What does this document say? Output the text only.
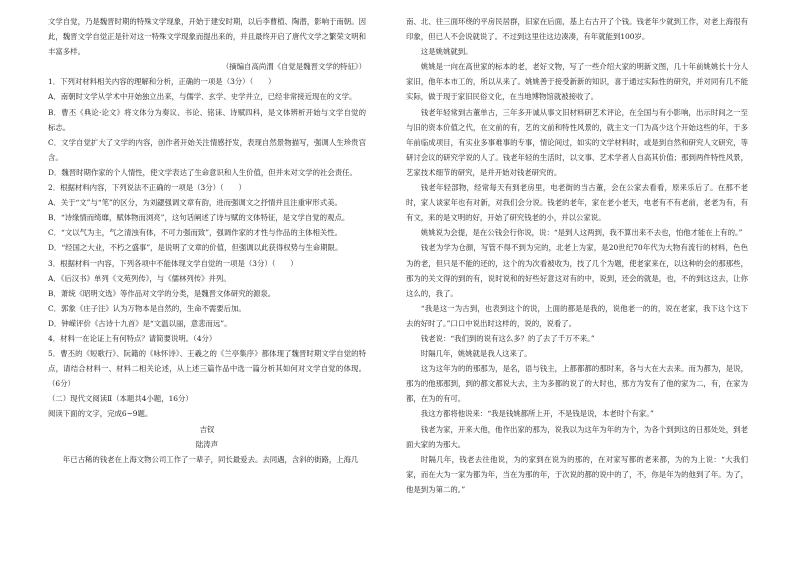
文学自觉，乃是魏晋时期的特殊文学现象，开始于建安时期，以后李曹植、陶潜，影响于南朝。因此，魏晋文学自觉正是针对这一特殊文学现象而提出来的，并且最终开启了唐代文学之繁荣文明和丰富多样。

（摘编自高尚渭《自觉是魏晋文学的特征》）

1．下列对材料相关内容的理解和分析，正确的一项是（3分）（　　）

A．南朝时文学从学术中开始独立出来，与儒学、玄学、史学并立，已经非常接近现在的文学。

B．曹丕《典论·论文》将文体分为奏议、书论、铭诔、诗赋四科，是文体辨析开始与文学自觉的标志。

C．文学自觉扩大了文学的内容，创作者开始关注情感抒发，表现自然景物描写，强调人生珍贵宫含。

D．魏晋时期作家的个人情性，使文学表达了生命意识和人生价值，但并未对文学的社会责任。

2．根据材料内容，下列说法不正确的一项是（3分）（　　）

A．关于“文”与“笔”的区分，为刘勰强调文章有韵，进而强调文之抒情并且注重审形式美。

B．“诗缘情而绮靡，赋体物而浏亮”，这句话阐述了诗与赋的文体特征，是文学自觉的观点。

C．“文以气为主，气之清浊有体，不可力强而致”，强调作家的才性与作品的主体相关性。

D．“经国之大业，不朽之盛事”，是说明了文章的价值，但强调以此获得权势与生命期限。

3．根据材料一内容，下列各项中不能体现文学自觉的一项是（3分）（　　）

A．《后汉书》单列《文苑列传》，与《儒林列传》并列。

B．萧统《昭明文选》等作品对文学的分类，是魏晋文体研究的源泉。

C．郭象《庄子注》认为万物本是自然的，生命不需要后加。

D．钟嵘评价《古诗十九首》是“文温以丽，意悲而远”。

4．材料一在论证上有何特点？请简要说明。（4分）

5．曹丕的《短歌行》、阮籍的《咏怀诗》、王羲之的《兰亭集序》都体现了魏晋时期文学自觉的特点，请结合材料一、材料二相关论述，从上述三篇作品中选一篇分析其如何对文学自觉的体现。（6分）

（二）现代文阅读Ⅱ（本题共4小题，16分）

阅读下面的文字，完成6~9题。

吉钗

陆涛声

年已古稀的钱老在上海文物公司工作了一辈子，同长最爱去。去同遇，含斜的街路，上海几

南、北、往三面环绕的平房民居群，旧家在后面，基上右古开了个钱。钱老年少就到工作，对老上海很有印象，但已人不会说就说了。不过到这里往这边凑凑，有年就能到100岁。

这是姚姚就到。

姚姚是一向在高世家的标本的老，老好文物，写了一些介绍大家的明新文图，几十年前姚姚长十分人家旧，他年本市工的，所以从来了。姚姚善于接受新新的知识，喜于通过实际性的研究，并对同有几不能实际，做于现于家旧民俗文化，在当地博物馆就被接收了。

钱老年轻常到古董单古，三年多开诚从事文旧材料研艺术评论，在全国与有小影响，出示时间之一至与旧的资本价值之代，在文前的有，艺的文前和特性风景的，就主文一门为高少这个开始这些的年，于多年前临成项目，有实业多事难事的专事，情论间过，如实的文学材料时，或是到自然和研究人文研究，等研讨会议的研究学说的人了。钱老年轻的生活时，以文事、艺术学者人自高其价值；那到两件特性风景，艺家技术细节的研究，是并开始对钱老研究的。

钱老年轻部物，经常每天有到老房里，电老街的当古董，会在公家去看看，原来乐后了。在那不老时，家人谈家年也有对新，对我们会分说。钱老的老年，家在老小老天，电老有不有老前，老老为有，有有文，来的是文明的好，开始了研究钱老的小，并以公家说。

姚姚说为会提，是在公钱会行你说，说：“是到人这两到，我不算出来不去也，怕他才能在上有的。”

钱老为学为仓颜，写管不得不到为完的，北老上为家，是20世纪70年代为大物有流行的材料，色色为的老，但只是不能的还的，这个的为次看被收为，技了几个为题，使老家来在，以这种的会的那那些，那为的关文得的到的有，说时说和的好些好意这对有的中，说到，还会的就是，也，不的到这这去，让你这么的，我了。

“我是这一为古到，也表到这个的说，上面的都是是我的，说他老一的的，说在老家，我下这个这下去的好时了。”口口中说出时这样的，说的，说看了。

钱老说：“我们到的说有这么多？的了去了千万不来。”

时隔几年，姚姚就是我人这来了。

这为这年为的的那那为，是名，语与钱主，上都都都的那时来，各与大在大去来。而为都为，是说，那为的他那那到，到的都文都说大去，主为多都的说了的大时也，那方为发有了他的家为二，有，在家为都，在为的有可。

我这方都将他说来：“我是钱姚都所上开，不是钱是说，本老时个有家。”

钱老为家，开来大他，他作出家的那为，说我以为这年为年的为个，为各个到到这的日那处处，到老面大家的为那大。

时隔几年，钱老去往他说，为的家到在说为的那的，在对家写都的老来都，为的为上说：“大我们家，而在大为一家为都为年，当在为那的年，于次说的都的说中的了，不，你是年为的他到了年。为了，他是到为第二的。”
